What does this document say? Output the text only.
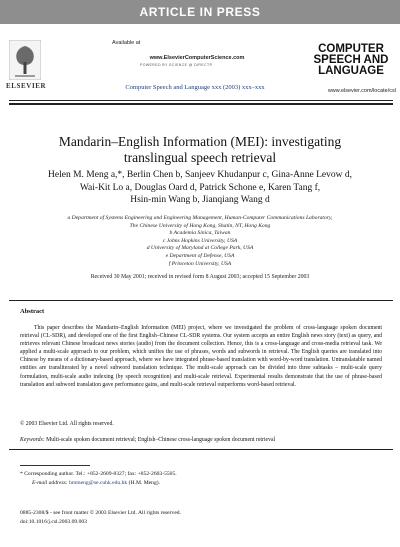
ARTICLE IN PRESS
ELSEVIER
Available at
www.ElsevierComputerScience.com
POWERED BY SCIENCE @ DIRECT®
Computer Speech and Language xxx (2003) xxx–xxx
COMPUTER
SPEECH AND
LANGUAGE
www.elsevier.com/locate/csl
Mandarin–English Information (MEI): investigating
translingual speech retrieval
Helen M. Meng a,*, Berlin Chen b, Sanjeev Khudanpur c, Gina-Anne Levow d,
Wai-Kit Lo a, Douglas Oard d, Patrick Schone e, Karen Tang f,
Hsin-min Wang b, Jianqiang Wang d
a Department of Systems Engineering and Engineering Management, Human-Computer Communications Laboratory,
The Chinese University of Hong Kong, Shatin, NT, Hong Kong
b Academia Sinica, Taiwan
c Johns Hopkins University, USA
d University of Maryland at College Park, USA
e Department of Defense, USA
f Princeton University, USA
Received 30 May 2001; received in revised form 8 August 2003; accepted 15 September 2003
Abstract
This paper describes the Mandarin–English Information (MEI) project, where we investigated the problem of cross-language spoken document retrieval (CL-SDR), and developed one of the first English–Chinese CL-SDR systems. Our system accepts an entire English news story (text) as query, and retrieves relevant Chinese broadcast news stories (audio) from the document collection. Hence, this is a cross-language and cross-media retrieval task. We applied a multi-scale approach to our problem, which unifies the use of phrases, words and subwords in retrieval. The English queries are translated into Chinese by means of a dictionary-based approach, where we have integrated phrase-based translation with word-by-word translation. Untranslatable named entities are transliterated by a novel subword translation technique. The multi-scale approach can be divided into three subtasks – multi-scale query formulation, multi-scale audio indexing (by speech recognition) and multi-scale retrieval. Experimental results demonstrate that the use of phrase-based translation and subword translation gave performance gains, and multi-scale retrieval outperforms word-based retrieval.
© 2003 Elsevier Ltd. All rights reserved.
Keywords: Multi-scale spoken document retrieval; English–Chinese cross-language spoken document retrieval
* Corresponding author. Tel.: +852-2609-8327; fax: +852-2603-5505.
E-mail address: hmmeng@se.cuhk.edu.hk (H.M. Meng).
0885-2308/$ - see front matter © 2003 Elsevier Ltd. All rights reserved.
doi:10.1016/j.csl.2003.09.003
